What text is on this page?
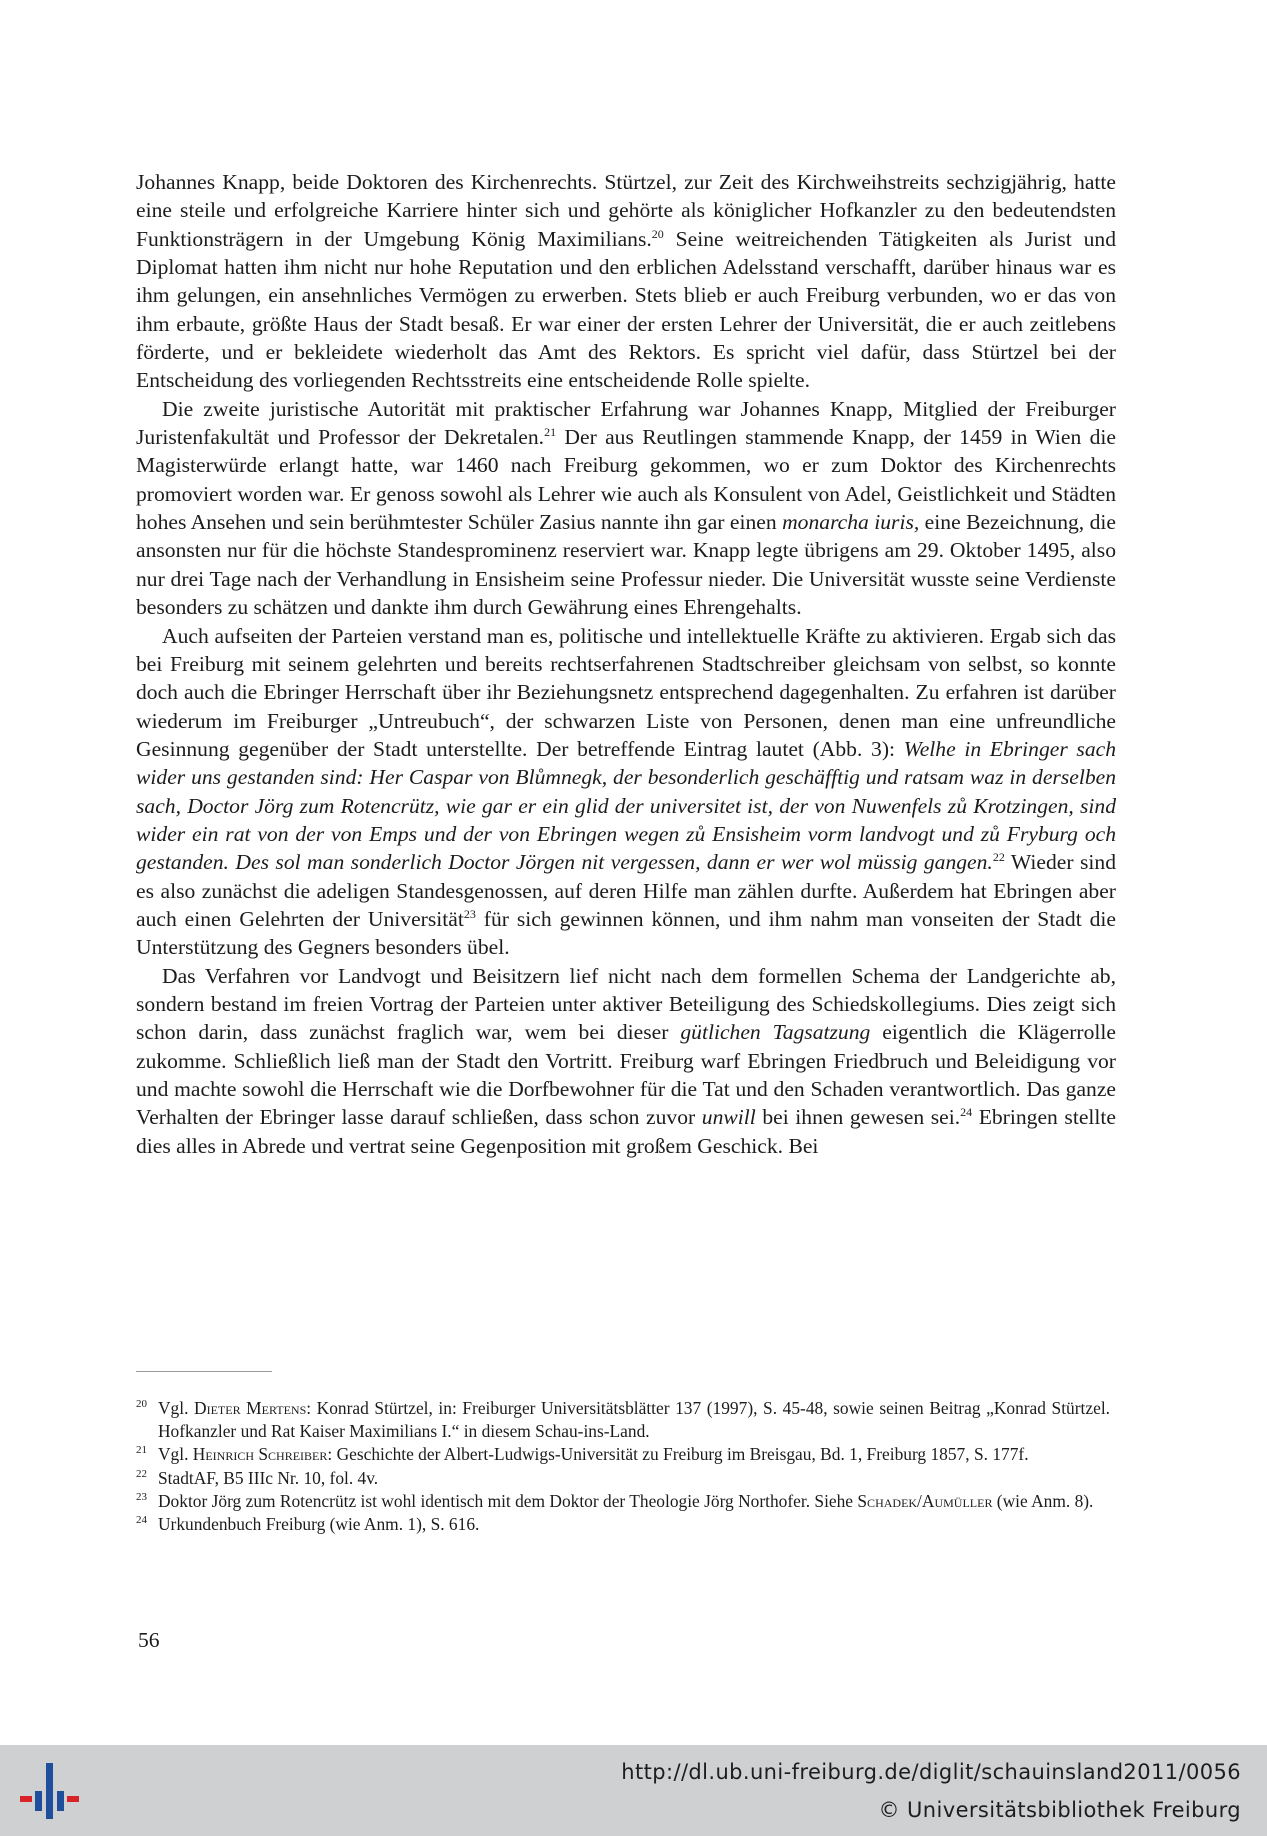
Johannes Knapp, beide Doktoren des Kirchenrechts. Stürtzel, zur Zeit des Kirchweihstreits sechzigjährig, hatte eine steile und erfolgreiche Karriere hinter sich und gehörte als königlicher Hofkanzler zu den bedeutendsten Funktionsträgern in der Umgebung König Maximilians.$^{20}$ Seine weitreichenden Tätigkeiten als Jurist und Diplomat hatten ihm nicht nur hohe Reputation und den erblichen Adelsstand verschafft, darüber hinaus war es ihm gelungen, ein ansehnliches Vermögen zu erwerben. Stets blieb er auch Freiburg verbunden, wo er das von ihm erbaute, größte Haus der Stadt besaß. Er war einer der ersten Lehrer der Universität, die er auch zeitlebens förderte, und er bekleidete wiederholt das Amt des Rektors. Es spricht viel dafür, dass Stürtzel bei der Entscheidung des vorliegenden Rechtsstreits eine entscheidende Rolle spielte.

Die zweite juristische Autorität mit praktischer Erfahrung war Johannes Knapp, Mitglied der Freiburger Juristenfakultät und Professor der Dekretalen.$^{21}$ Der aus Reutlingen stammende Knapp, der 1459 in Wien die Magisterwürde erlangt hatte, war 1460 nach Freiburg gekommen, wo er zum Doktor des Kirchenrechts promoviert worden war. Er genoss sowohl als Lehrer wie auch als Konsulent von Adel, Geistlichkeit und Städten hohes Ansehen und sein berühmtester Schüler Zasius nannte ihn gar einen monarcha iuris, eine Bezeichnung, die ansonsten nur für die höchste Standesprominenz reserviert war. Knapp legte übrigens am 29. Oktober 1495, also nur drei Tage nach der Verhandlung in Ensisheim seine Professur nieder. Die Universität wusste seine Verdienste besonders zu schätzen und dankte ihm durch Gewährung eines Ehrengehalts.

Auch aufseiten der Parteien verstand man es, politische und intellektuelle Kräfte zu aktivieren. Ergab sich das bei Freiburg mit seinem gelehrten und bereits rechtserfahrenen Stadtschreiber gleichsam von selbst, so konnte doch auch die Ebringer Herrschaft über ihr Beziehungsnetz entsprechend dagegenhalten. Zu erfahren ist darüber wiederum im Freiburger „Untreubuch“, der schwarzen Liste von Personen, denen man eine unfreundliche Gesinnung gegenüber der Stadt unterstellte. Der betreffende Eintrag lautet (Abb. 3): Welhe in Ebringer sach wider uns gestanden sind: Her Caspar von Blůmnegk, der besonderlich geschäfftig und ratsam waz in derselben sach, Doctor Jörg zum Rotencrütz, wie gar er ein glid der universitet ist, der von Nuwenfels zů Krotzingen, sind wider ein rat von der von Emps und der von Ebringen wegen zů Ensisheim vorm landvogt und zů Fryburg och gestanden. Des sol man sonderlich Doctor Jörgen nit vergessen, dann er wer wol müssig gangen.$^{22}$ Wieder sind es also zunächst die adeligen Standesgenossen, auf deren Hilfe man zählen durfte. Außerdem hat Ebringen aber auch einen Gelehrten der Universität$^{23}$ für sich gewinnen können, und ihm nahm man vonseiten der Stadt die Unterstützung des Gegners besonders übel.

Das Verfahren vor Landvogt und Beisitzern lief nicht nach dem formellen Schema der Landgerichte ab, sondern bestand im freien Vortrag der Parteien unter aktiver Beteiligung des Schiedskollegiums. Dies zeigt sich schon darin, dass zunächst fraglich war, wem bei dieser gütlichen Tagsatzung eigentlich die Klägerrolle zukomme. Schließlich ließ man der Stadt den Vortritt. Freiburg warf Ebringen Friedbruch und Beleidigung vor und machte sowohl die Herrschaft wie die Dorfbewohner für die Tat und den Schaden verantwortlich. Das ganze Verhalten der Ebringer lasse darauf schließen, dass schon zuvor unwill bei ihnen gewesen sei.$^{24}$ Ebringen stellte dies alles in Abrede und vertrat seine Gegenposition mit großem Geschick. Bei

20 Vgl. Dieter Mertens: Konrad Stürtzel, in: Freiburger Universitätsblätter 137 (1997), S. 45-48, sowie seinen Beitrag „Konrad Stürtzel. Hofkanzler und Rat Kaiser Maximilians I.“ in diesem Schau-ins-Land.
21 Vgl. Heinrich Schreiber: Geschichte der Albert-Ludwigs-Universität zu Freiburg im Breisgau, Bd. 1, Freiburg 1857, S. 177f.
22 StadtAF, B5 IIIc Nr. 10, fol. 4v.
23 Doktor Jörg zum Rotencrütz ist wohl identisch mit dem Doktor der Theologie Jörg Northofer. Siehe Schadek/Aumüller (wie Anm. 8).
24 Urkundenbuch Freiburg (wie Anm. 1), S. 616.
56
http://dl.ub.uni-freiburg.de/diglit/schauinsland2011/0056
© Universitätsbibliothek Freiburg
